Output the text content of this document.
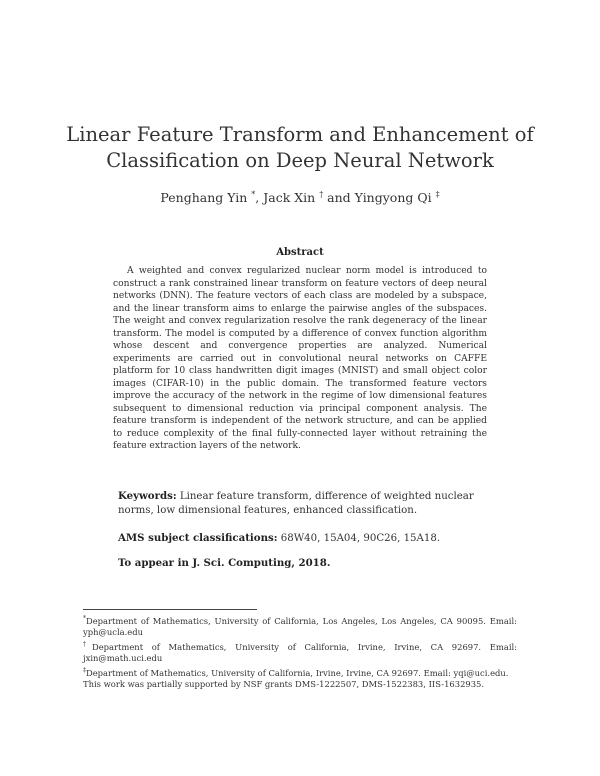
Linear Feature Transform and Enhancement of
Classification on Deep Neural Network
Penghang Yin *, Jack Xin † and Yingyong Qi ‡
Abstract
A weighted and convex regularized nuclear norm model is introduced to construct a rank constrained linear transform on feature vectors of deep neural networks (DNN). The feature vectors of each class are modeled by a subspace, and the linear transform aims to enlarge the pairwise angles of the subspaces. The weight and convex regularization resolve the rank degeneracy of the linear transform. The model is computed by a difference of convex function algorithm whose descent and convergence properties are analyzed. Numerical experiments are carried out in convolutional neural networks on CAFFE platform for 10 class handwritten digit images (MNIST) and small object color images (CIFAR-10) in the public domain. The transformed feature vectors improve the accuracy of the network in the regime of low dimensional features subsequent to dimensional reduction via principal component analysis. The feature transform is independent of the network structure, and can be applied to reduce complexity of the final fully-connected layer without retraining the feature extraction layers of the network.
Keywords: Linear feature transform, difference of weighted nuclear norms, low dimensional features, enhanced classification.
AMS subject classifications: 68W40, 15A04, 90C26, 15A18.
To appear in J. Sci. Computing, 2018.
*Department of Mathematics, University of California, Los Angeles, Los Angeles, CA 90095. Email: yph@ucla.edu
†Department of Mathematics, University of California, Irvine, Irvine, CA 92697. Email: jxin@math.uci.edu
‡Department of Mathematics, University of California, Irvine, Irvine, CA 92697. Email: yqi@uci.edu.
This work was partially supported by NSF grants DMS-1222507, DMS-1522383, IIS-1632935.
